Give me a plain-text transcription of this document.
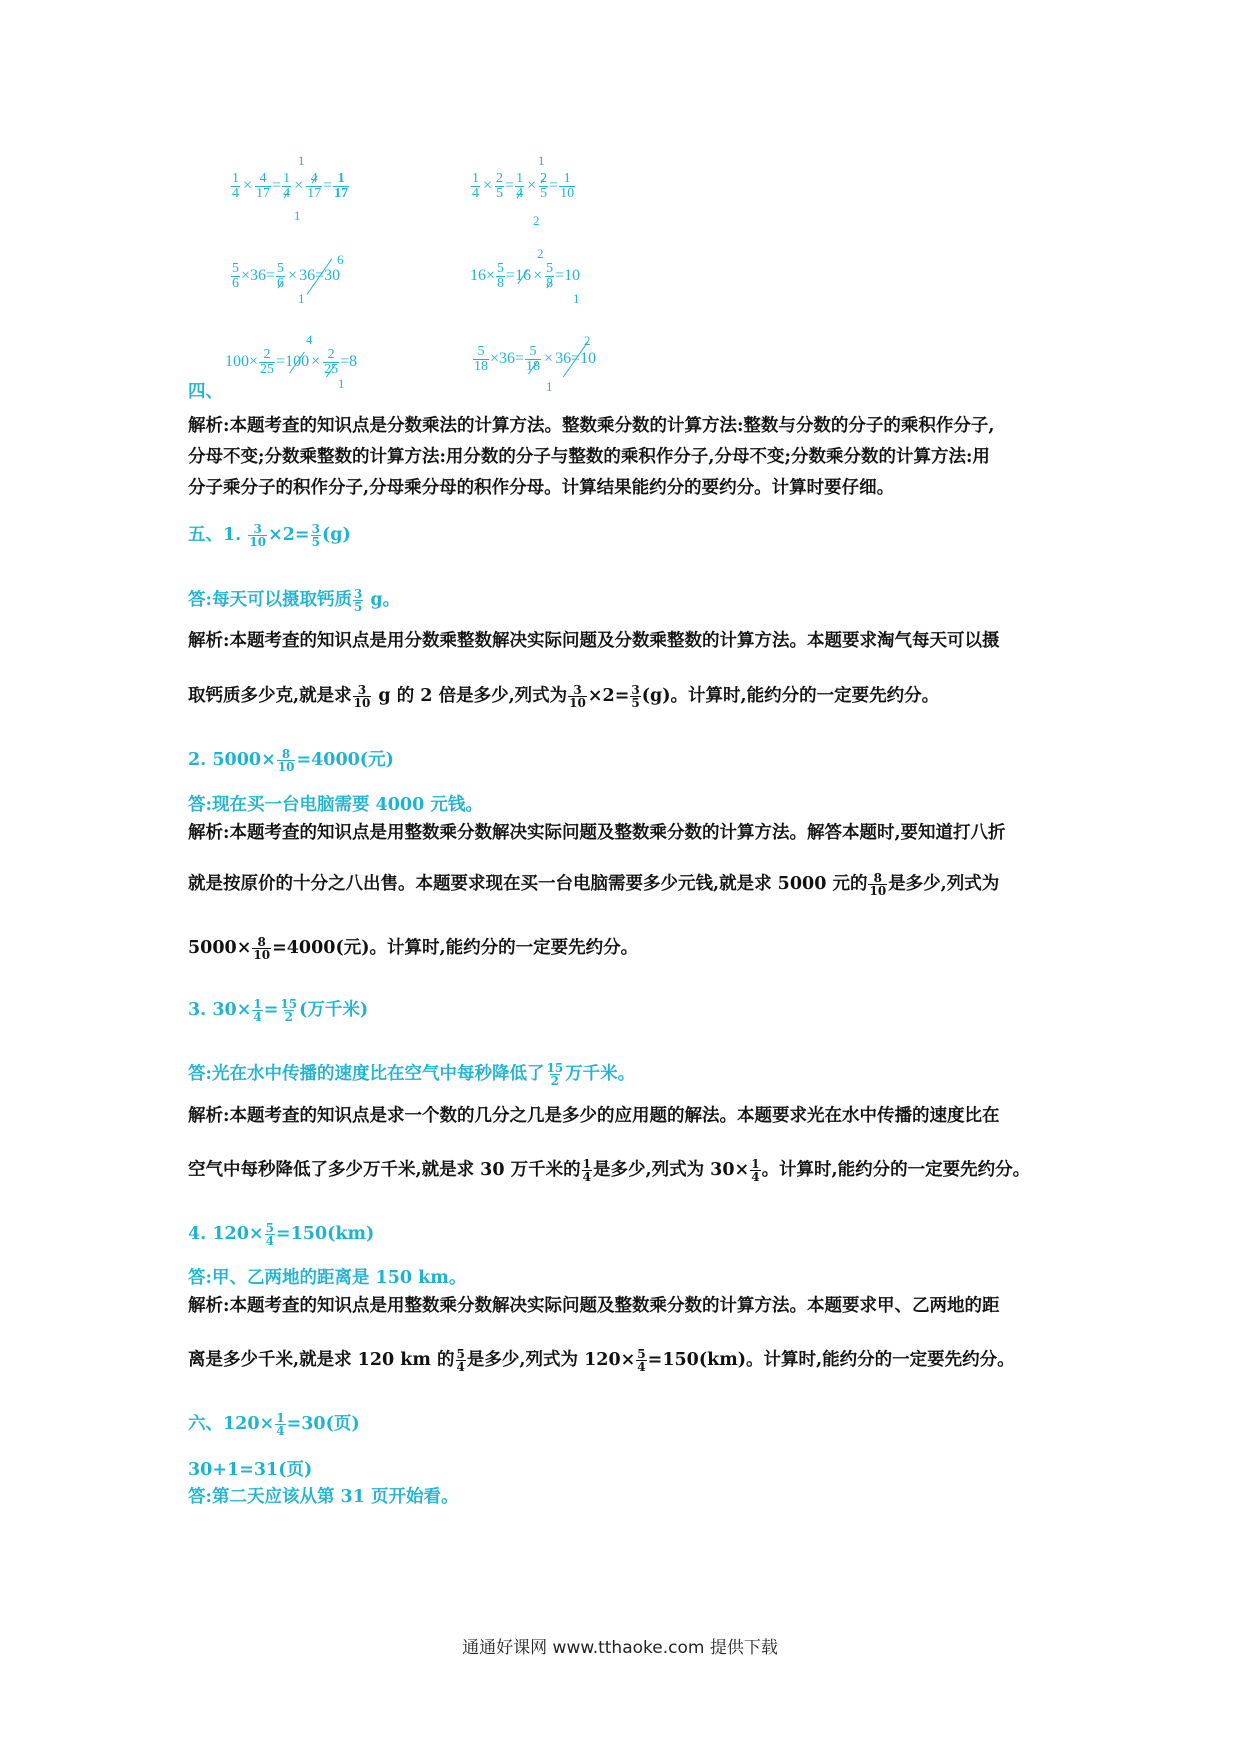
$\frac{1}{4} \times \frac{4}{17} = \frac{1}{4} \times \frac{4}{17} = \frac{1}{17}$
1
1
$\frac{1}{4} \times \frac{2}{5} = \frac{1}{4} \times \frac{2}{5} = \frac{1}{10}$
1
2
$\frac{5}{6} \times 36= \frac{5}{6} \times 36=30$
6
1
$16\times \frac{5}{8} =16 \times \frac{5}{8} =10$
2
1
$100\times \frac{2}{25} =100 \times \frac{2}{25} =8$
4
1
$\frac{5}{18} \times 36= \frac{5}{18} \times 36=10$
2
1
四、
解析:本题考查的知识点是分数乘法的计算方法。整数乘分数的计算方法:整数与分数的分子的乘积作分子,
分母不变;分数乘整数的计算方法:用分数的分子与整数的乘积作分子,分母不变;分数乘分数的计算方法:用
分子乘分子的积作分子,分母乘分母的积作分母。计算结果能约分的要约分。计算时要仔细。
五、1. $\frac{3}{10} \times 2= \frac{3}{5} (g)$
答:每天可以摄取钙质 $\frac{3}{5}$ g。
解析:本题考查的知识点是用分数乘整数解决实际问题及分数乘整数的计算方法。本题要求淘气每天可以摄
取钙质多少克,就是求 $\frac{3}{10}$ g 的 2 倍是多少,列式为 $\frac{3}{10} \times 2= \frac{3}{5} (g)$。计算时,能约分的一定要先约分。
2. $5000\times \frac{8}{10} =4000$(元)
答:现在买一台电脑需要 4000 元钱。
解析:本题考查的知识点是用整数乘分数解决实际问题及整数乘分数的计算方法。解答本题时,要知道打八折
就是按原价的十分之八出售。本题要求现在买一台电脑需要多少元钱,就是求 5000 元的 $\frac{8}{10}$ 是多少,列式为
$5000\times \frac{8}{10} =4000$(元)。计算时,能约分的一定要先约分。
3. $30\times \frac{1}{4} = \frac{15}{2}$ (万千米)
答:光在水中传播的速度比在空气中每秒降低了 $\frac{15}{2}$ 万千米。
解析:本题考查的知识点是求一个数的几分之几是多少的应用题的解法。本题要求光在水中传播的速度比在
空气中每秒降低了多少万千米,就是求 30 万千米的 $\frac{1}{4}$ 是多少,列式为 $30\times \frac{1}{4}$ 。计算时,能约分的一定要先约分。
4. $120\times \frac{5}{4} =150(km)$
答:甲、乙两地的距离是 150 km。
解析:本题考查的知识点是用整数乘分数解决实际问题及整数乘分数的计算方法。本题要求甲、乙两地的距
离是多少千米,就是求 120 km 的 $\frac{5}{4}$ 是多少,列式为 $120\times \frac{5}{4} =150(km)$。计算时,能约分的一定要先约分。
六、$120\times \frac{1}{4} =30$(页)
30+1=31(页)
答:第二天应该从第 31 页开始看。
通通好课网 www.tthaoke.com 提供下载
